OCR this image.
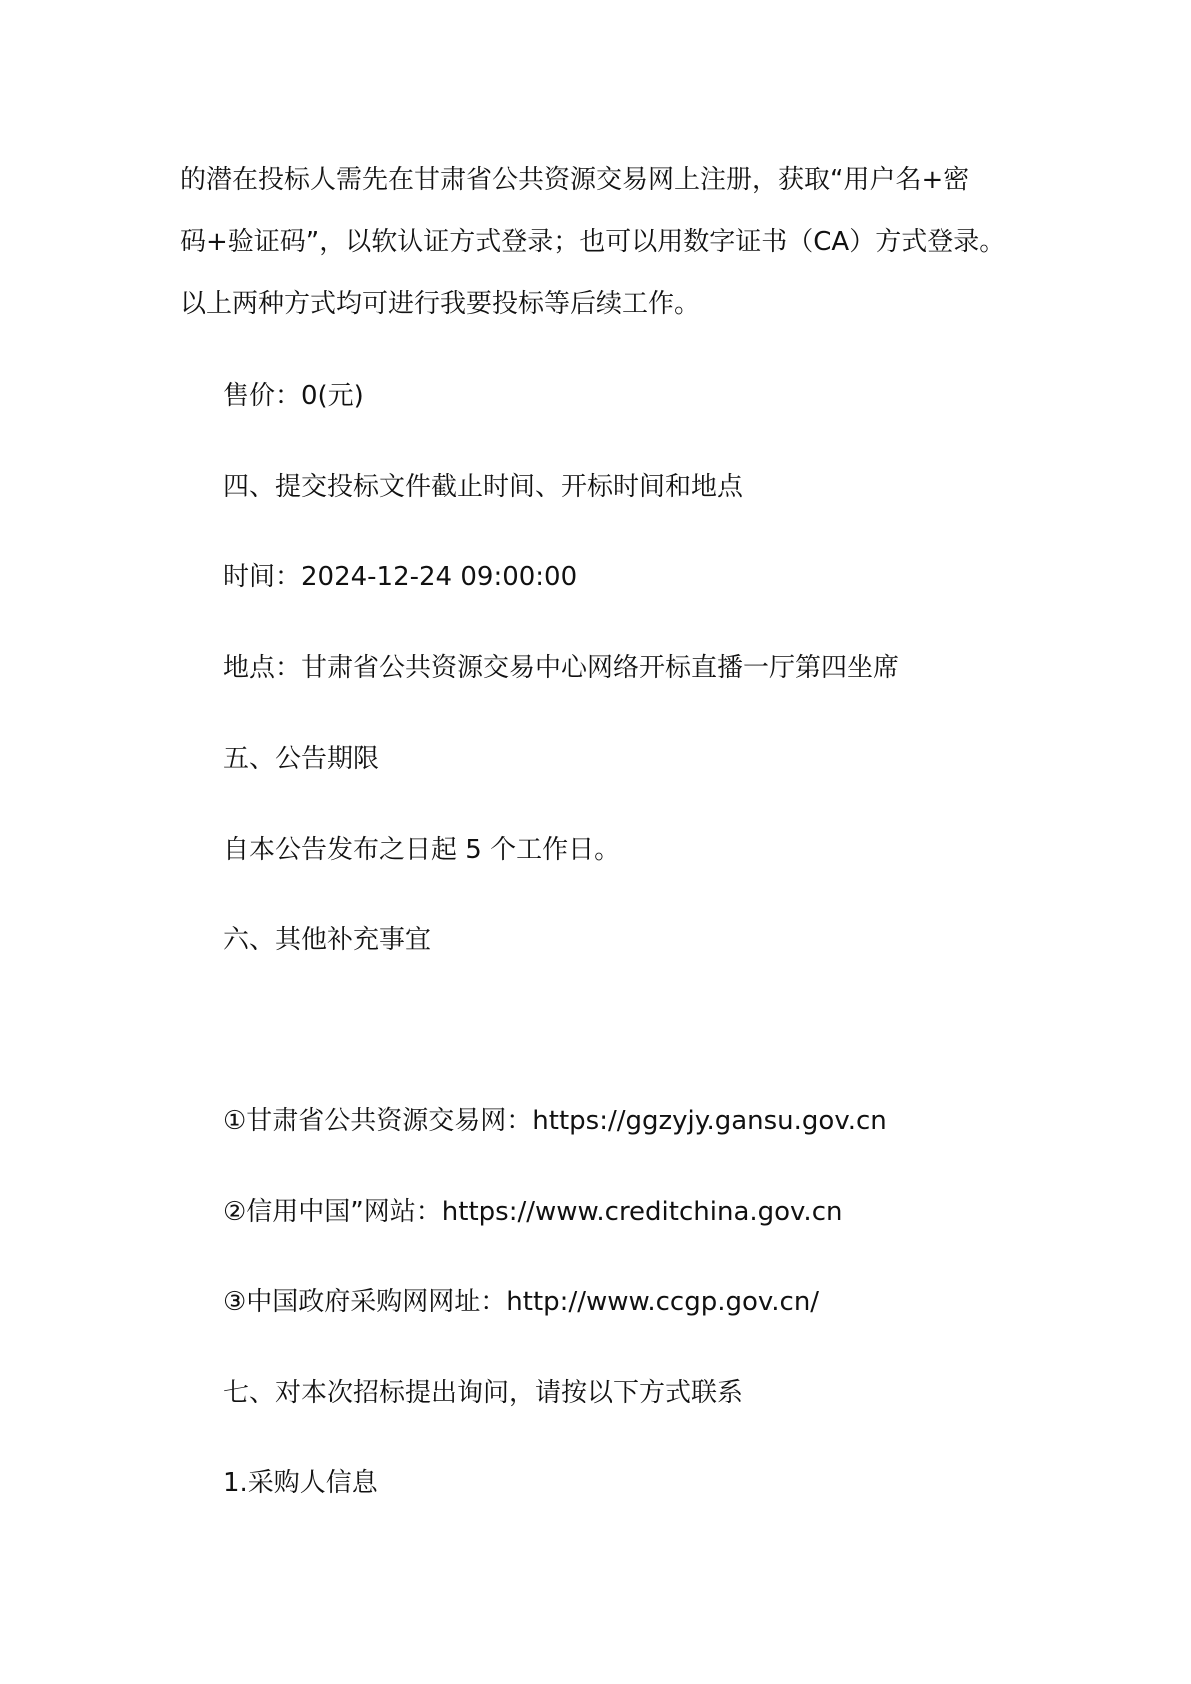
的潜在投标人需先在甘肃省公共资源交易网上注册，获取“用户名+密
码+验证码”，以软认证方式登录；也可以用数字证书（CA）方式登录。
以上两种方式均可进行我要投标等后续工作。
售价：0(元)
四、提交投标文件截止时间、开标时间和地点
时间：2024-12-24 09:00:00
地点：甘肃省公共资源交易中心网络开标直播一厅第四坐席
五、公告期限
自本公告发布之日起 5 个工作日。
六、其他补充事宜
①甘肃省公共资源交易网：https://ggzyjy.gansu.gov.cn
②信用中国”网站：https://www.creditchina.gov.cn
③中国政府采购网网址：http://www.ccgp.gov.cn/
七、对本次招标提出询问，请按以下方式联系
1.采购人信息
